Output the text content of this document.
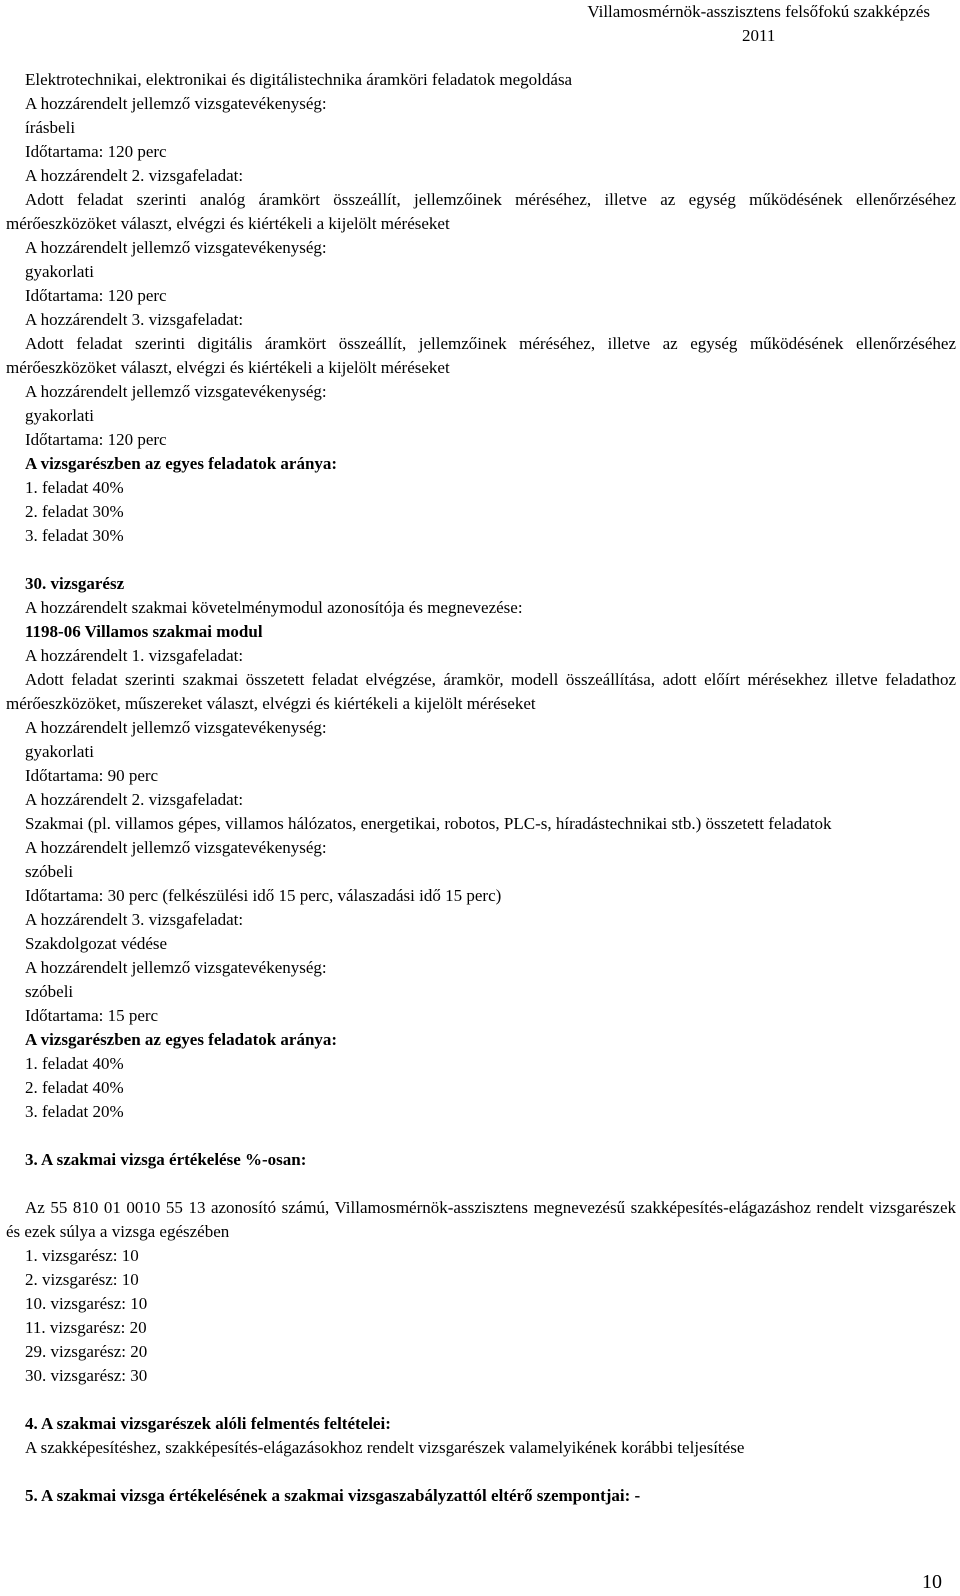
Villamosmérnök-asszisztens felsőfokú szakképzés
2011
Elektrotechnikai, elektronikai és digitálistechnika áramköri feladatok megoldása
A hozzárendelt jellemző vizsgatevékenység:
írásbeli
Időtartama: 120 perc
A hozzárendelt 2. vizsgafeladat:
Adott feladat szerinti analóg áramkört összeállít, jellemzőinek méréséhez, illetve az egység működésének ellenőrzéséhez mérőeszközöket választ, elvégzi és kiértékeli a kijelölt méréseket
A hozzárendelt jellemző vizsgatevékenység:
gyakorlati
Időtartama: 120 perc
A hozzárendelt 3. vizsgafeladat:
Adott feladat szerinti digitális áramkört összeállít, jellemzőinek méréséhez, illetve az egység működésének ellenőrzéséhez mérőeszközöket választ, elvégzi és kiértékeli a kijelölt méréseket
A hozzárendelt jellemző vizsgatevékenység:
gyakorlati
Időtartama: 120 perc
A vizsgarészben az egyes feladatok aránya:
1. feladat 40%
2. feladat 30%
3. feladat 30%
30. vizsgarész
A hozzárendelt szakmai követelménymodul azonosítója és megnevezése:
1198-06 Villamos szakmai modul
A hozzárendelt 1. vizsgafeladat:
Adott feladat szerinti szakmai összetett feladat elvégzése, áramkör, modell összeállítása, adott előírt mérésekhez illetve feladathoz mérőeszközöket, műszereket választ, elvégzi és kiértékeli a kijelölt méréseket
A hozzárendelt jellemző vizsgatevékenység:
gyakorlati
Időtartama: 90 perc
A hozzárendelt 2. vizsgafeladat:
Szakmai (pl. villamos gépes, villamos hálózatos, energetikai, robotos, PLC-s, híradástechnikai stb.) összetett feladatok
A hozzárendelt jellemző vizsgatevékenység:
szóbeli
Időtartama: 30 perc (felkészülési idő 15 perc, válaszadási idő 15 perc)
A hozzárendelt 3. vizsgafeladat:
Szakdolgozat védése
A hozzárendelt jellemző vizsgatevékenység:
szóbeli
Időtartama: 15 perc
A vizsgarészben az egyes feladatok aránya:
1. feladat 40%
2. feladat 40%
3. feladat 20%
3. A szakmai vizsga értékelése %-osan:
Az 55 810 01 0010 55 13 azonosító számú, Villamosmérnök-asszisztens megnevezésű szakképesítés-elágazáshoz rendelt vizsgarészek és ezek súlya a vizsga egészében
1. vizsgarész: 10
2. vizsgarész: 10
10. vizsgarész: 10
11. vizsgarész: 20
29. vizsgarész: 20
30. vizsgarész: 30
4. A szakmai vizsgarészek alóli felmentés feltételei:
A szakképesítéshez, szakképesítés-elágazásokhoz rendelt vizsgarészek valamelyikének korábbi teljesítése
5. A szakmai vizsga értékelésének a szakmai vizsgaszabályzattól eltérő szempontjai: -
10
